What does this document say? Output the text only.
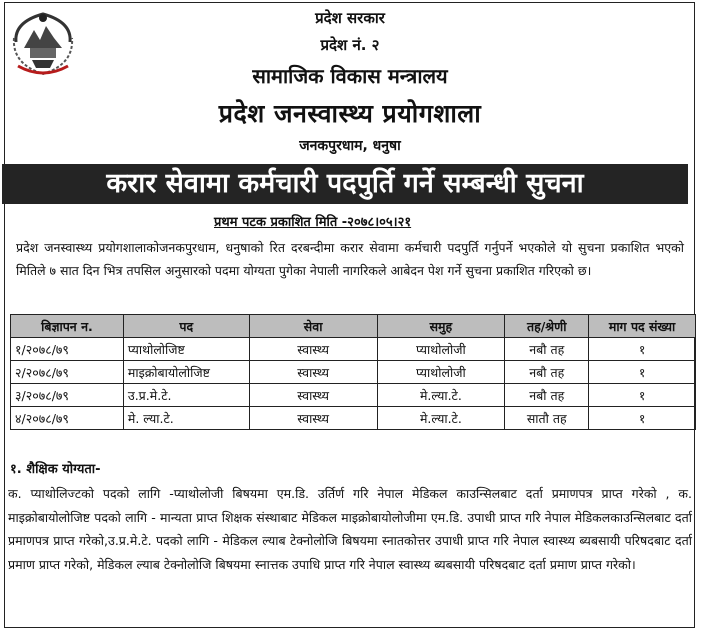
प्रदेश सरकार
प्रदेश नं. २
सामाजिक विकास मन्त्रालय
प्रदेश जनस्वास्थ्य प्रयोगशाला
जनकपुरधाम, धनुषा
करार सेवामा कर्मचारी पदपुर्ति गर्ने सम्बन्धी सुचना
प्रथम पटक प्रकाशित मिति -२०७८।०५।२१
प्रदेश जनस्वास्थ्य प्रयोगशालाकोजनकपुरधाम, धनुषाको रित दरबन्दीमा करार सेवामा कर्मचारी पदपुर्ति गर्नुपर्ने भएकोले यो सुचना प्रकाशित भएको मितिले ७ सात दिन भित्र तपसिल अनुसारको पदमा योग्यता पुगेका नेपाली नागरिकले आबेदन पेश गर्ने सुचना प्रकाशित गरिएको छ।
बिज्ञापन न.	पद	सेवा	समुह	तह/श्रेणी	माग पद संख्या
१/२०७८/७९	प्याथोलोजिष्ट	स्वास्थ्य	प्याथोलोजी	नबौ तह	१
२/२०७८/७९	माइक्रोबायोलोजिष्ट	स्वास्थ्य	प्याथोलोजी	नबौ तह	१
३/२०७८/७९	उ.प्र.मे.टे.	स्वास्थ्य	मे.ल्या.टे.	नबौ तह	१
४/२०७८/७९	मे. ल्या.टे.	स्वास्थ्य	मे.ल्या.टे.	सातौ तह	१
१. शैक्षिक योग्यता-
क. प्याथोलिज्टको पदको लागि -प्याथोलोजी बिषयमा एम.डि. उर्तिर्ण गरि नेपाल मेडिकल काउन्सिलबाट दर्ता प्रमाणपत्र प्राप्त गरेको , क. माइक्रोबायोलोजिष्ट पदको लागि - मान्यता प्राप्त शिक्षक संस्थाबाट मेडिकल माइक्रोबायोलोजीमा एम.डि. उपाधी प्राप्त गरि नेपाल मेडिकलकाउन्सिलबाट दर्ता प्रमाणपत्र प्राप्त गरेको,उ.प्र.मे.टे. पदको लागि - मेडिकल ल्याब टेक्नोलोजि बिषयमा स्नातकोत्तर उपाधी प्राप्त गरि नेपाल स्वास्थ्य ब्यबसायी परिषदबाट दर्ता प्रमाण प्राप्त गरेको, मेडिकल ल्याब टेक्नोलोजि बिषयमा स्नात्तक उपाधि प्राप्त गरि नेपाल स्वास्थ्य ब्यबसायी परिषदबाट दर्ता प्रमाण प्राप्त गरेको।
